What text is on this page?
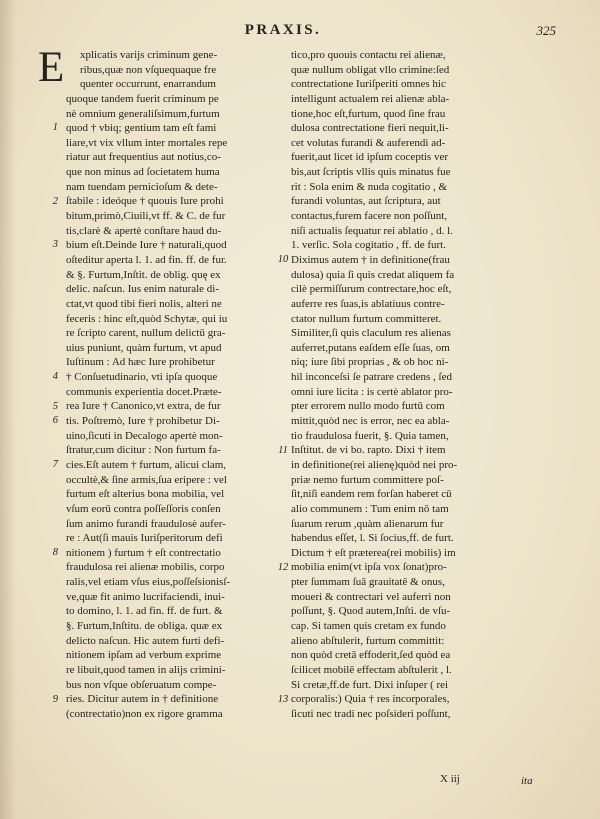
PRAXIS.	325
E	xplicatis varijs criminum gene-
ribus,quæ non vſquequaque fre
quenter occurrunt, enarrandum
quoque tandem fuerit criminum pe
nè omnium generaliſsimum,furtum
quod † vbiq; gentium tam eſt fami
liare,vt vix vllum inter mortales repe
riatur aut frequentius aut notius,co-
que non minus ad ſocietatem huma
nam tuendam pernicioſum & dete-
ſtabile : ideóque † quouis Iure prohi
bitum,primò,Ciuili,vt ff. & C. de fur
tis,clarè & apertè conſtare haud du-
bium eſt.Deinde Iure † naturali,quod
oſteditur aperta l. 1. ad fin. ff. de fur.
& §. Furtum,Inſtit. de oblig. quę ex
delic. naſcun. Ius enim naturale di-
ctat,vt quod tibi fieri nolis, alteri ne
feceris : hinc eſt,quòd Schytæ, qui iu
re ſcripto carent, nullum delictū gra-
uius puniunt, quàm furtum, vt apud
Iuſtinum : Ad hæc Iure prohibetur
† Conſuetudinario, vti ipſa quoque
communis experientia docet.Præte-
rea Iure † Canonico,vt extra, de fur
tis. Poſtremò, Iure † prohibetur Di-
uino,ſicuti in Decalogo apertè mon-
ſtratur,cum dicitur : Non furtum fa-
cies.Eſt autem † furtum, alicui clam,
occultè,& ſine armis,ſua eripere : vel
furtum eſt alterius bona mobilia, vel
vſum eorū contra poſſeſſoris conſen
ſum animo furandi fraudulosè aufer-
re : Aut(ſi mauis Iuriſperitorum defi
nitionem ) furtum † eſt contrectatio
fraudulosa rei alienæ mobilis, corpo
ralis,vel etiam vſus eius,poſſeſsionisſ-
ve,quæ fit animo lucrifaciendi, inui-
to domino, l. 1. ad fin. ff. de furt. &
§. Furtum,Inſtitu. de obliga. quæ ex
delicto naſcun. Hic autem furti defi-
nitionem ipſam ad verbum exprime
re libuit,quod tamen in alijs crimini-
bus non vſque obſeruatum compe-
ries. Dicitur autem in † definitione
(contrectatio)non ex rigore gramma
tico,pro quouis contactu rei alienæ,
quæ nullum obligat vllo crimine:ſed
contrectatione Iuriſperiti omnes hic
intelligunt actualem rei alienæ abla-
tione,hoc eſt,furtum, quod ſine frau
dulosa contrectatione fieri nequit,li-
cet volutas furandi & auferendi ad-
fuerit,aut licet id ipſum coceptis ver
bis,aut ſcriptis vllis quis minatus fue
rit : Sola enim & nuda cogitatio , &
furandi voluntas, aut ſcriptura, aut
contactus,furem facere non poſſunt,
niſi actualis ſequatur rei ablatio , d. l.
1. verſic. Sola cogitatio , ff. de furt.
Diximus autem † in definitione(frau
dulosa) quia ſi quis credat aliquem fa
cilè permiſſurum contrectare,hoc eſt,
auferre res ſuas,is ablatiuus contre-
ctator nullum furtum committeret.
Similiter,ſi quis claculum res alienas
auferret,putans eaſdem eſſe ſuas, om
niq; iure ſibi proprias , & ob hoc ni-
hil inconceſsi ſe patrare credens , ſed
omni iure licita : is certè ablator pro-
pter errorem nullo modo furtū com
mittit,quòd nec is error, nec ea abla-
tio fraudulosa fuerit, §. Quia tamen,
Inſtitut. de vi bo. rapto. Dixi † item
in definitione(rei alienę)quòd nei pro-
priæ nemo furtum committere poſ-
ſit,niſi eandem rem forſan haberet cū
alio communem : Tum enim nō tam
ſuarum rerum ,quàm alienarum fur
habendus eſſet, l. Si ſocius,ff. de furt.
Dictum † eſt præterea(rei mobilis) im
mobilia enim(vt ipſa vox ſonat)pro-
pter ſummam ſuā grauitatē & onus,
moueri & contrectari vel auferri non
poſſunt, §. Quod autem,Inſti. de vſu-
cap. Si tamen quis cretam ex fundo
alieno abſtulerit, furtum committit:
non quòd cretā effoderit,ſed quòd ea
ſcilicet mobilē effectam abſtulerit , l.
Si cretæ,ff.de furt. Dixi inſuper ( rei
corporalis:) Quia † res incorporales,
ſicuti nec tradi nec poſsideri poſſunt,
1
2
3
4
5
6
7
8
9
10
11
12
13
X iij	ita
